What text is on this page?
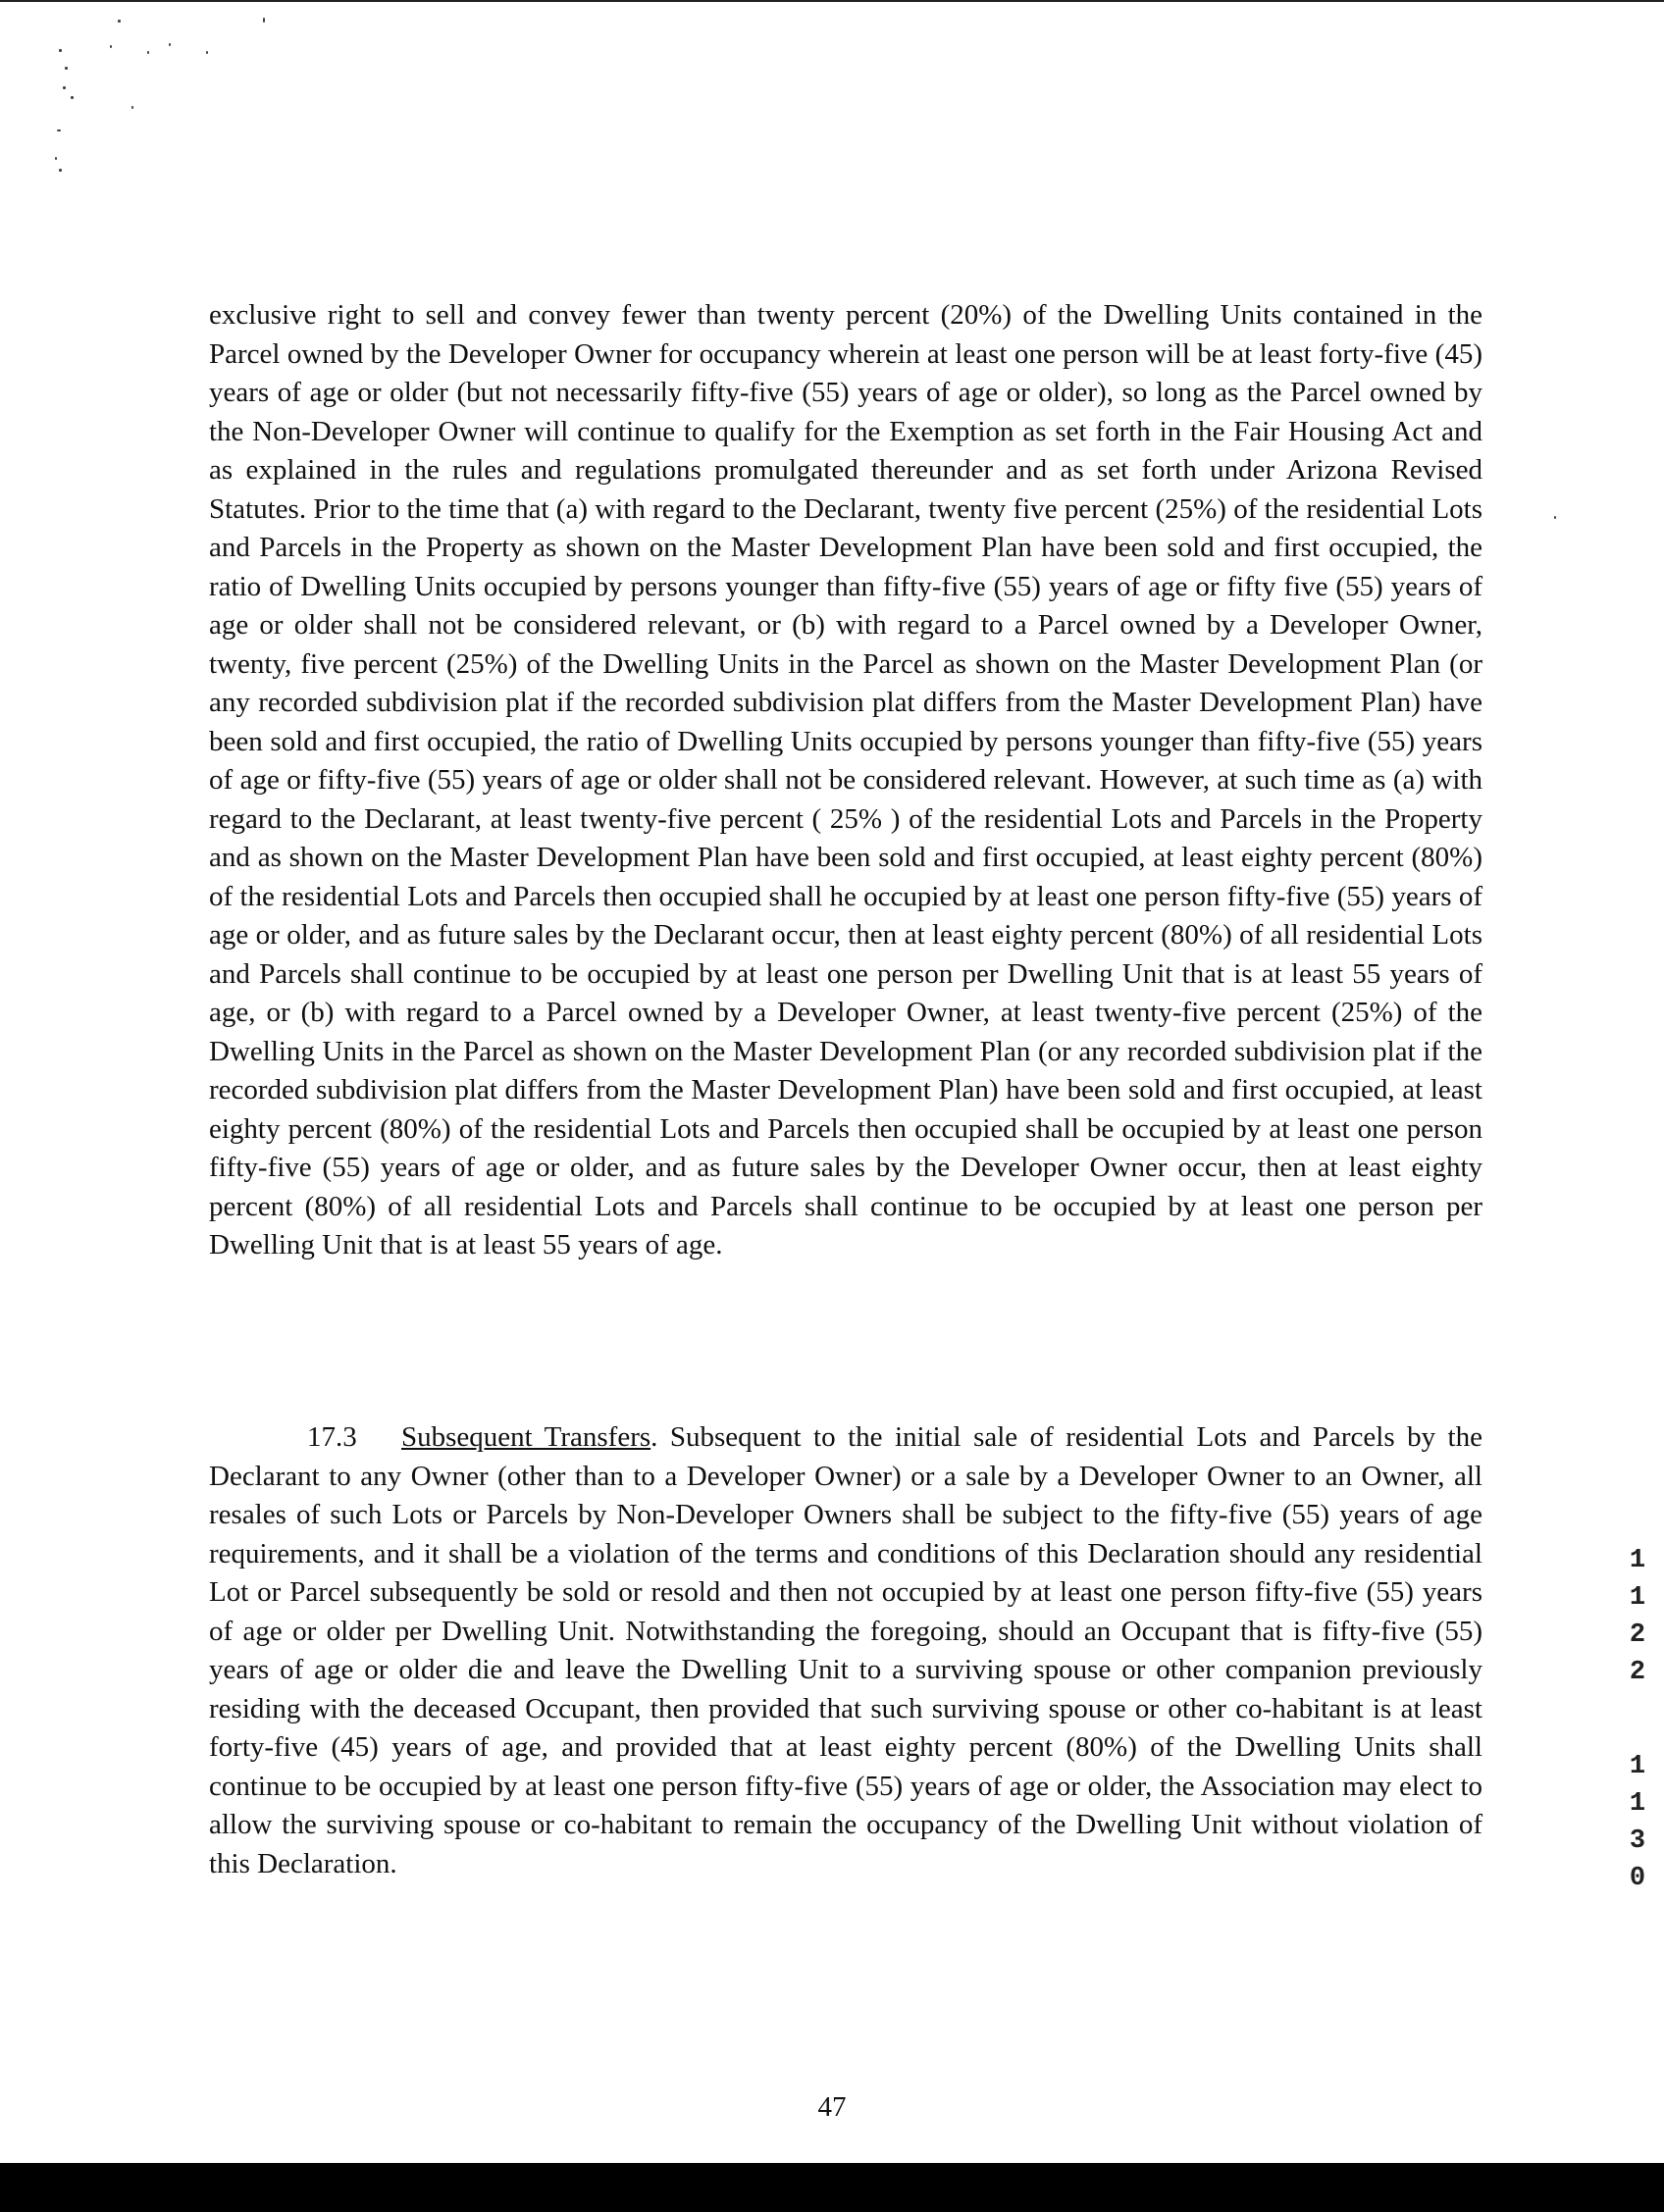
exclusive right to sell and convey fewer than twenty percent (20%) of the Dwelling Units contained in the Parcel owned by the Developer Owner for occupancy wherein at least one person will be at least forty-five (45) years of age or older (but not necessarily fifty-five (55) years of age or older), so long as the Parcel owned by the Non-Developer Owner will continue to qualify for the Exemption as set forth in the Fair Housing Act and as explained in the rules and regulations promulgated thereunder and as set forth under Arizona Revised Statutes. Prior to the time that (a) with regard to the Declarant, twenty five percent (25%) of the residential Lots and Parcels in the Property as shown on the Master Development Plan have been sold and first occupied, the ratio of Dwelling Units occupied by persons younger than fifty-five (55) years of age or fifty five (55) years of age or older shall not be considered relevant, or (b) with regard to a Parcel owned by a Developer Owner, twenty, five percent (25%) of the Dwelling Units in the Parcel as shown on the Master Development Plan (or any recorded subdivision plat if the recorded subdivision plat differs from the Master Development Plan) have been sold and first occupied, the ratio of Dwelling Units occupied by persons younger than fifty-five (55) years of age or fifty-five (55) years of age or older shall not be considered relevant. However, at such time as (a) with regard to the Declarant, at least twenty-five percent ( 25% ) of the residential Lots and Parcels in the Property and as shown on the Master Development Plan have been sold and first occupied, at least eighty percent (80%) of the residential Lots and Parcels then occupied shall he occupied by at least one person fifty-five (55) years of age or older, and as future sales by the Declarant occur, then at least eighty percent (80%) of all residential Lots and Parcels shall continue to be occupied by at least one person per Dwelling Unit that is at least 55 years of age, or (b) with regard to a Parcel owned by a Developer Owner, at least twenty-five percent (25%) of the Dwelling Units in the Parcel as shown on the Master Development Plan (or any recorded subdivision plat if the recorded subdivision plat differs from the Master Development Plan) have been sold and first occupied, at least eighty percent (80%) of the residential Lots and Parcels then occupied shall be occupied by at least one person fifty-five (55) years of age or older, and as future sales by the Developer Owner occur, then at least eighty percent (80%) of all residential Lots and Parcels shall continue to be occupied by at least one person per Dwelling Unit that is at least 55 years of age.

17.3 Subsequent Transfers. Subsequent to the initial sale of residential Lots and Parcels by the Declarant to any Owner (other than to a Developer Owner) or a sale by a Developer Owner to an Owner, all resales of such Lots or Parcels by Non-Developer Owners shall be subject to the fifty-five (55) years of age requirements, and it shall be a violation of the terms and conditions of this Declaration should any residential Lot or Parcel subsequently be sold or resold and then not occupied by at least one person fifty-five (55) years of age or older per Dwelling Unit. Notwithstanding the foregoing, should an Occupant that is fifty-five (55) years of age or older die and leave the Dwelling Unit to a surviving spouse or other companion previously residing with the deceased Occupant, then provided that such surviving spouse or other co-habitant is at least forty-five (45) years of age, and provided that at least eighty percent (80%) of the Dwelling Units shall continue to be occupied by at least one person fifty-five (55) years of age or older, the Association may elect to allow the surviving spouse or co-habitant to remain the occupancy of the Dwelling Unit without violation of this Declaration.

47
1
1
2
2
1
1
3
0
